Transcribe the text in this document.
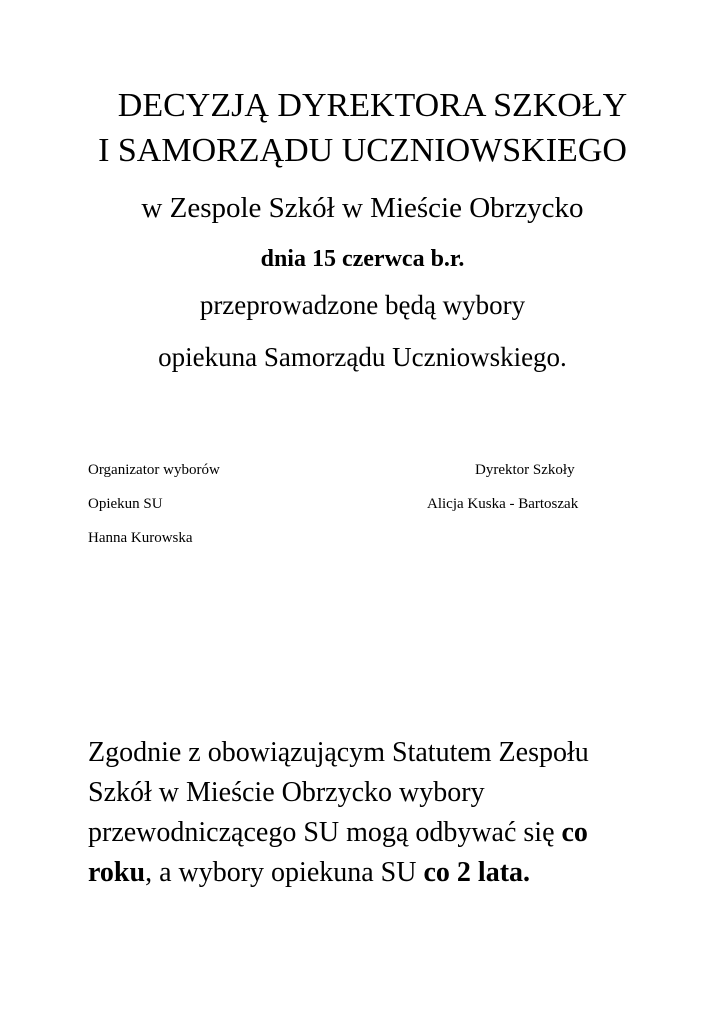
DECYZJĄ DYREKTORA SZKOŁY
I SAMORZĄDU UCZNIOWSKIEGO
w Zespole Szkół w Mieście Obrzycko
dnia 15 czerwca b.r.
przeprowadzone będą wybory
opiekuna Samorządu Uczniowskiego.
Organizator wyborów
Opiekun SU
Hanna Kurowska
Dyrektor Szkoły
Alicja Kuska - Bartoszak
Zgodnie z obowiązującym Statutem Zespołu
Szkół w Mieście Obrzycko wybory
przewodniczącego SU mogą odbywać się co
roku, a wybory opiekuna SU co 2 lata.
